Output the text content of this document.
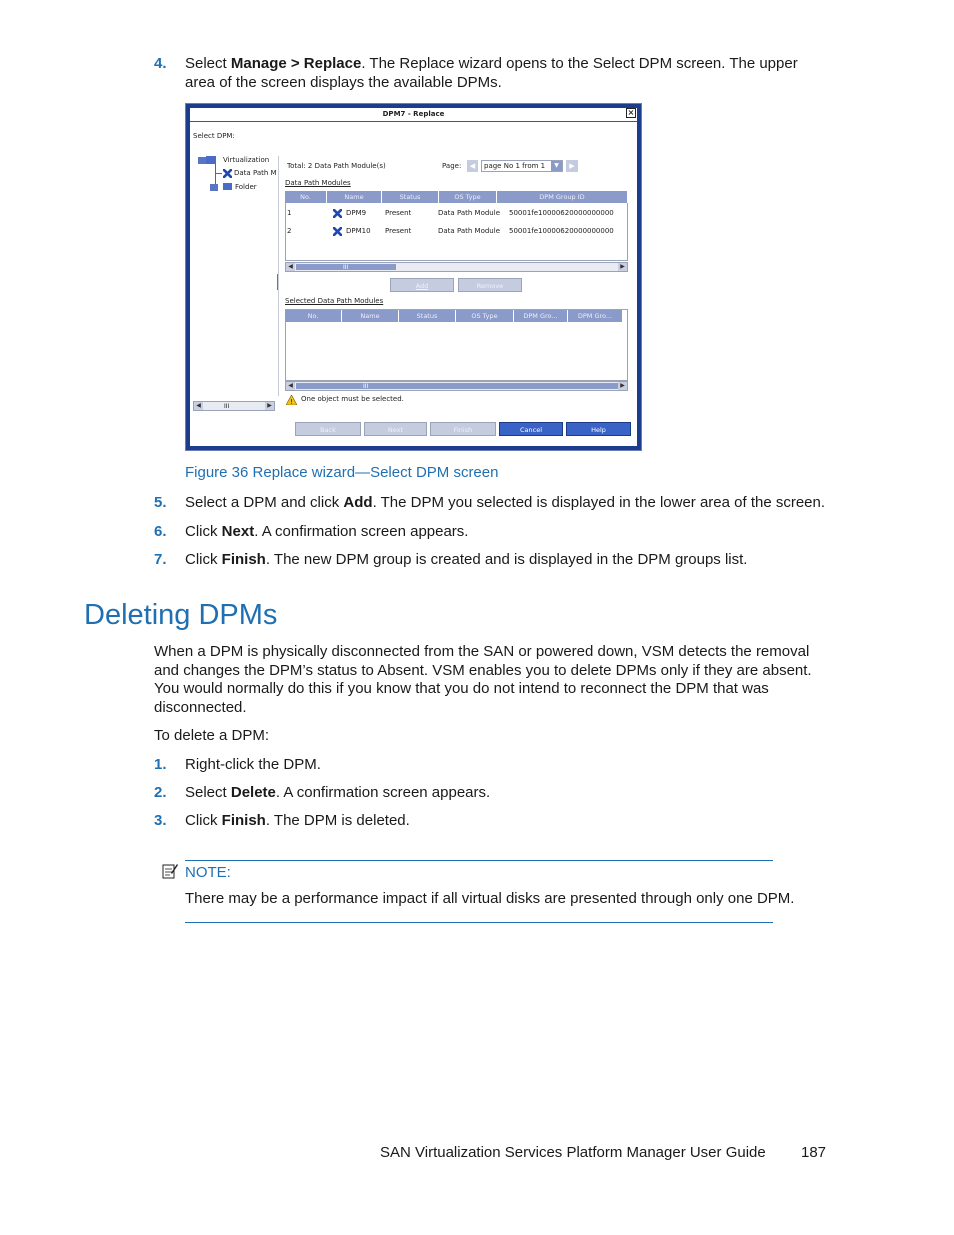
4.	Select Manage > Replace. The Replace wizard opens to the Select DPM screen. The upper area of the screen displays the available DPMs.
DPM7 - Replace	×
Select DPM:
Virtualization
Data Path M
Folder
◀	III	▶
Total: 2 Data Path Module(s)	Page:	◀	page No 1 from 1	▼	▶
Data Path Modules
No.	Name	Status	OS Type	DPM Group ID
1	DPM9	Present	Data Path Module 50001fe10000620000000000
2	DPM10 Present	Data Path Module 50001fe10000620000000000
◀	III	▶
Add	Remove
Selected Data Path Modules
No.	Name	Status	OS Type	DPM Gro...	DPM Gro...
◀	III	▶
! One object must be selected.
Back	Next	Finish	Cancel	Help
Figure 36 Replace wizard—Select DPM screen
5.	Select a DPM and click Add. The DPM you selected is displayed in the lower area of the screen.
6.	Click Next. A confirmation screen appears.
7.	Click Finish. The new DPM group is created and is displayed in the DPM groups list.
Deleting DPMs
When a DPM is physically disconnected from the SAN or powered down, VSM detects the removal and changes the DPM’s status to Absent. VSM enables you to delete DPMs only if they are absent. You would normally do this if you know that you do not intend to reconnect the DPM that was disconnected.
To delete a DPM:
1.	Right-click the DPM.
2.	Select Delete. A confirmation screen appears.
3.	Click Finish. The DPM is deleted.
NOTE:
There may be a performance impact if all virtual disks are presented through only one DPM.
SAN Virtualization Services Platform Manager User Guide 187
